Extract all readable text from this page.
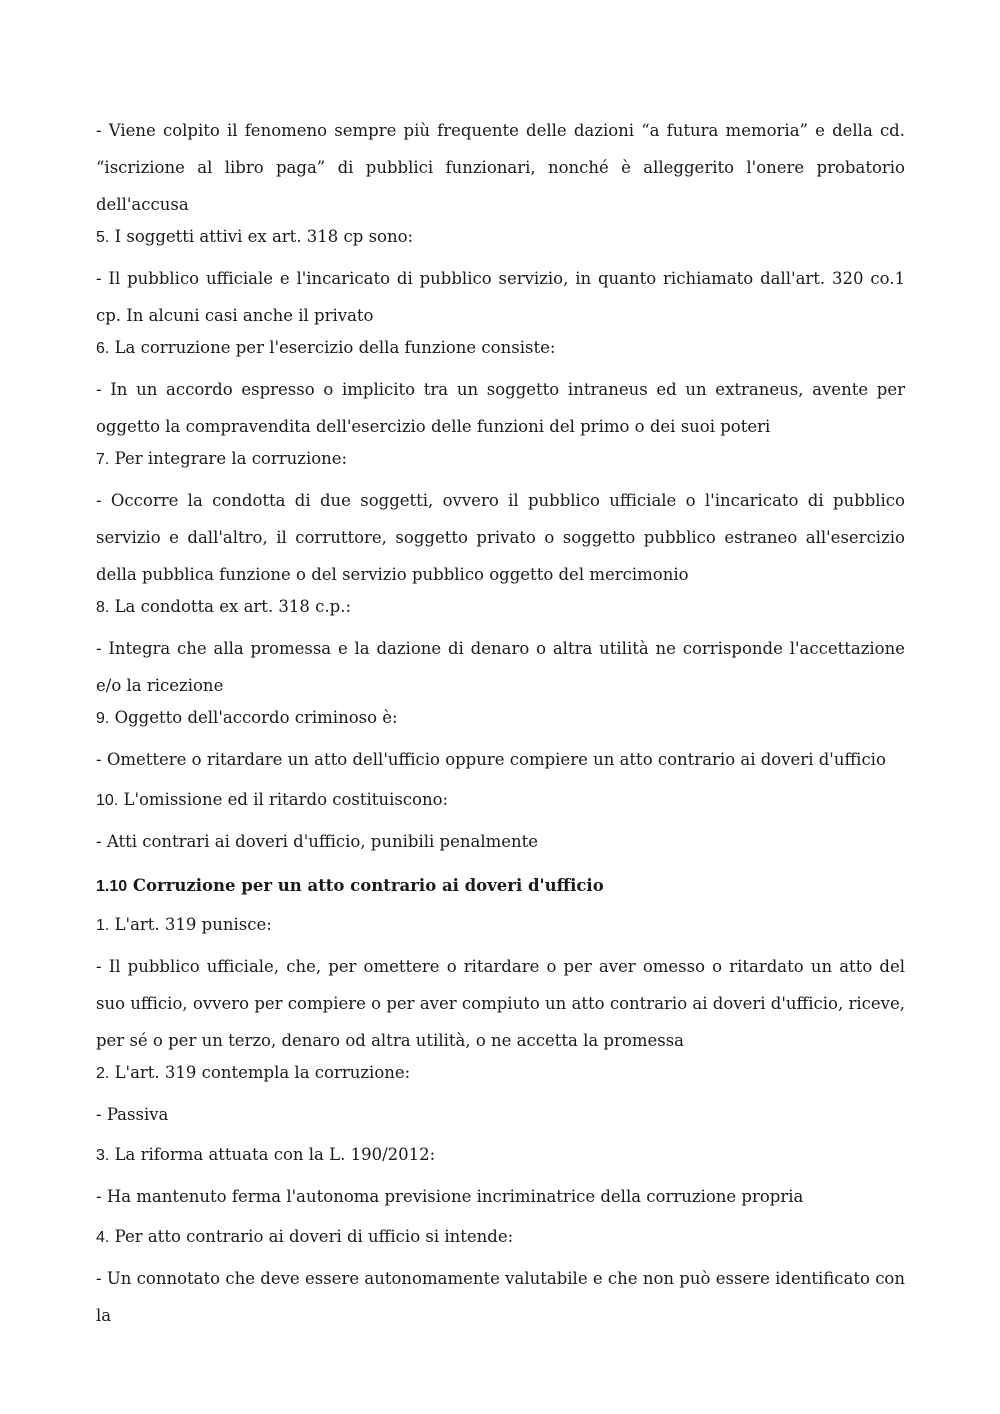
- Viene colpito il fenomeno sempre più frequente delle dazioni “a futura memoria” e della cd. “iscrizione al libro paga” di pubblici funzionari, nonché è alleggerito l'onere probatorio dell'accusa

5. I soggetti attivi ex art. 318 cp sono:

- Il pubblico ufficiale e l'incaricato di pubblico servizio, in quanto richiamato dall'art. 320 co.1 cp. In alcuni casi anche il privato

6. La corruzione per l'esercizio della funzione consiste:

- In un accordo espresso o implicito tra un soggetto intraneus ed un extraneus, avente per oggetto la compravendita dell'esercizio delle funzioni del primo o dei suoi poteri

7. Per integrare la corruzione:

- Occorre la condotta di due soggetti, ovvero il pubblico ufficiale o l'incaricato di pubblico servizio e dall'altro, il corruttore, soggetto privato o soggetto pubblico estraneo all'esercizio della pubblica funzione o del servizio pubblico oggetto del mercimonio

8. La condotta ex art. 318 c.p.:

- Integra che alla promessa e la dazione di denaro o altra utilità ne corrisponde l'accettazione e/o la ricezione

9. Oggetto dell'accordo criminoso è:

- Omettere o ritardare un atto dell'ufficio oppure compiere un atto contrario ai doveri d'ufficio

10. L'omissione ed il ritardo costituiscono:

- Atti contrari ai doveri d'ufficio, punibili penalmente

1.10 Corruzione per un atto contrario ai doveri d'ufficio

1. L'art. 319 punisce:

- Il pubblico ufficiale, che, per omettere o ritardare o per aver omesso o ritardato un atto del suo ufficio, ovvero per compiere o per aver compiuto un atto contrario ai doveri d'ufficio, riceve, per sé o per un terzo, denaro od altra utilità, o ne accetta la promessa

2. L'art. 319 contempla la corruzione:

- Passiva

3. La riforma attuata con la L. 190/2012:

- Ha mantenuto ferma l'autonoma previsione incriminatrice della corruzione propria

4. Per atto contrario ai doveri di ufficio si intende:

- Un connotato che deve essere autonomamente valutabile e che non può essere identificato con la
